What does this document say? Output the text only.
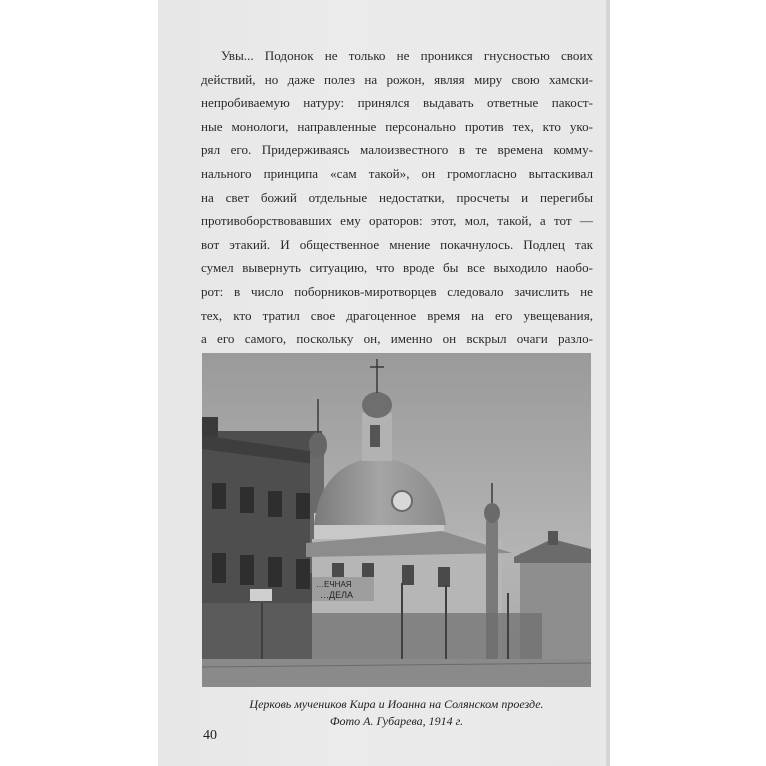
Увы... Подонок не только не проникся гнусностью своих
действий, но даже полез на рожон, являя миру свою хамски-
непробиваемую натуру: принялся выдавать ответные пакост-
ные монологи, направленные персонально против тех, кто уко-
рял его. Придерживаясь малоизвестного в те времена комму-
нального принципа «сам такой», он громогласно вытаскивал
на свет божий отдельные недостатки, просчеты и перегибы
противоборствовавших ему ораторов: этот, мол, такой, а тот —
вот этакий. И общественное мнение покачнулось. Подлец так
сумел вывернуть ситуацию, что вроде бы все выходило наобо-
рот: в число поборников-миротворцев следовало зачислить не
тех, кто тратил свое драгоценное время на его увещевания,
а его самого, поскольку он, именно он вскрыл очаги разло-
…ЕЧНАЯ
…ДЕЛА
Церковь мучеников Кира и Иоанна на Солянском проезде.
Фото А. Губарева, 1914 г.
40
